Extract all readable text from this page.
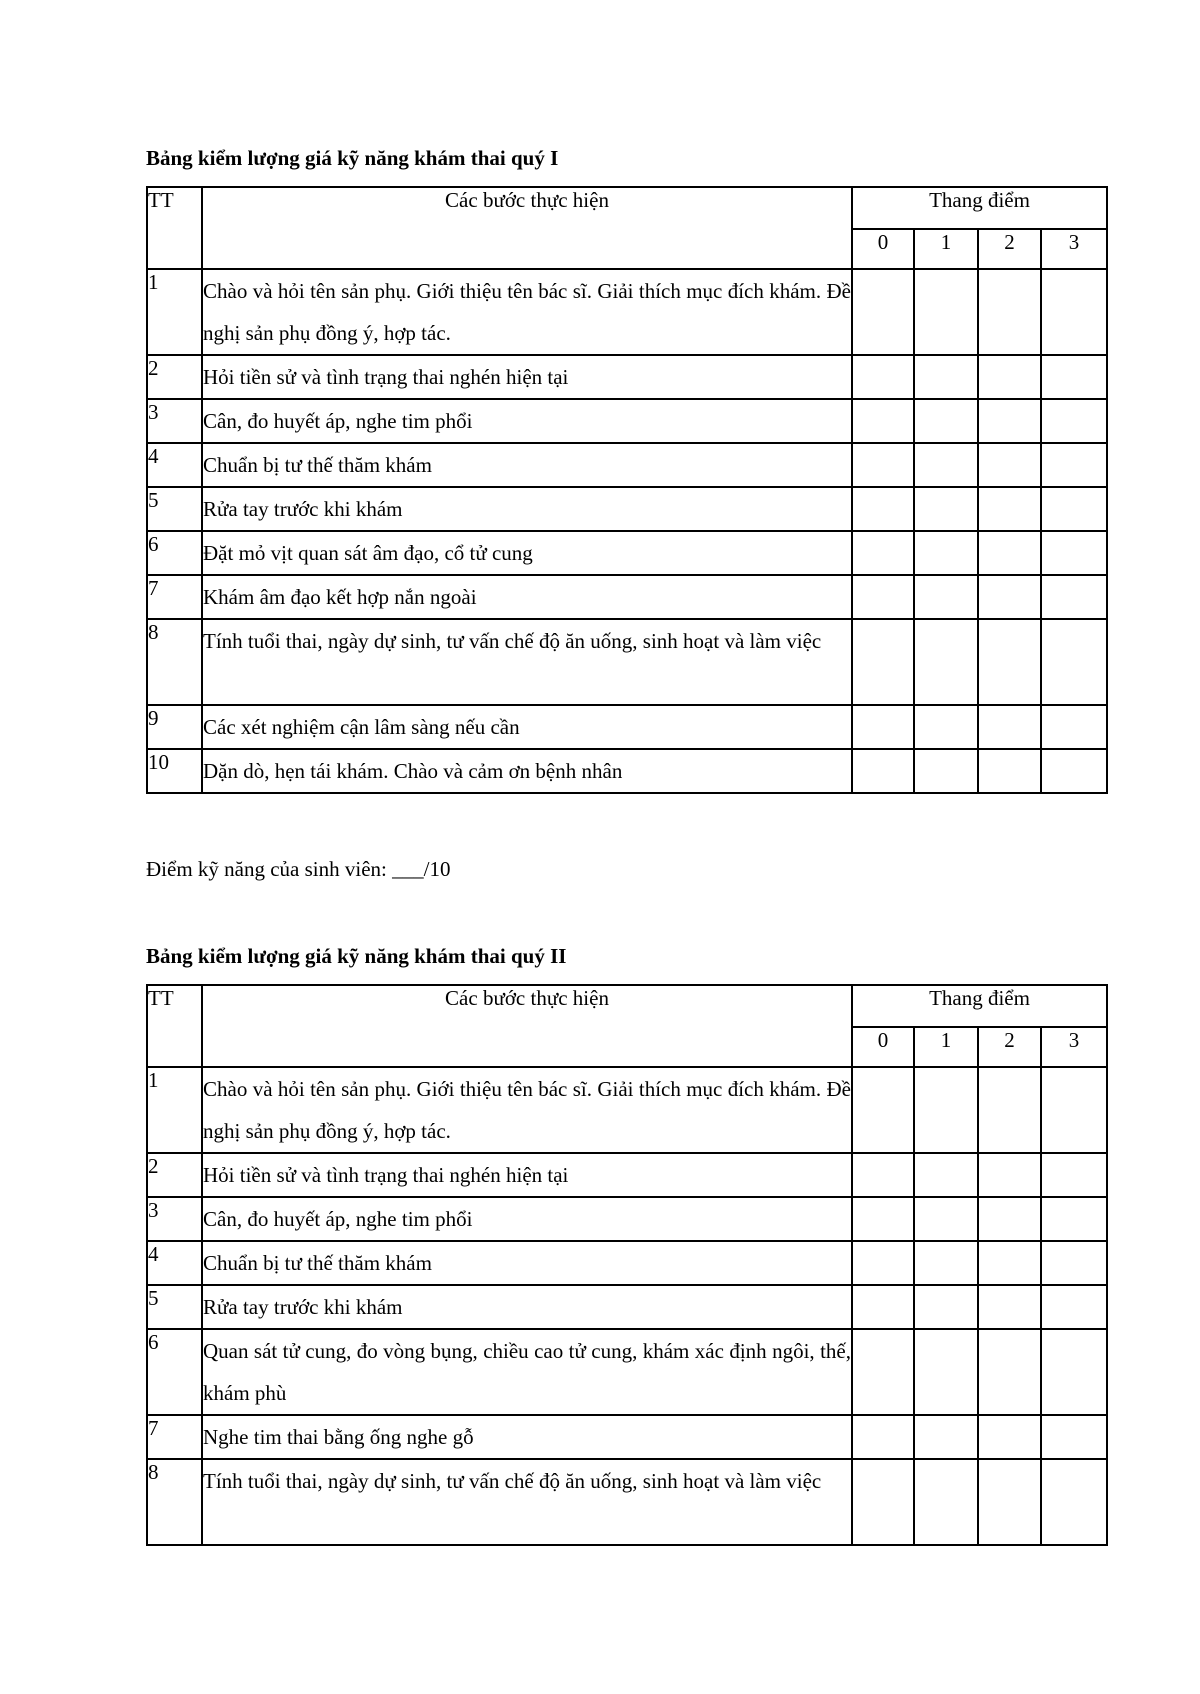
Bảng kiểm lượng giá kỹ năng khám thai quý I
TT	Các bước thực hiện	Thang điểm			
		0	1	2	3
1	Chào và hỏi tên sản phụ. Giới thiệu tên bác sĩ. Giải thích mục đích khám. Đề nghị sản phụ đồng ý, hợp tác.				
2	Hỏi tiền sử và tình trạng thai nghén hiện tại				
3	Cân, đo huyết áp, nghe tim phổi				
4	Chuẩn bị tư thế thăm khám				
5	Rửa tay trước khi khám				
6	Đặt mỏ vịt quan sát âm đạo, cổ tử cung				
7	Khám âm đạo kết hợp nắn ngoài				
8	Tính tuổi thai, ngày dự sinh, tư vấn chế độ ăn uống, sinh hoạt và làm việc				
9	Các xét nghiệm cận lâm sàng nếu cần				
10	Dặn dò, hẹn tái khám. Chào và cảm ơn bệnh nhân				

Điểm kỹ năng của sinh viên: ___/10

Bảng kiểm lượng giá kỹ năng khám thai quý II
TT	Các bước thực hiện	Thang điểm			
		0	1	2	3
1	Chào và hỏi tên sản phụ. Giới thiệu tên bác sĩ. Giải thích mục đích khám. Đề nghị sản phụ đồng ý, hợp tác.				
2	Hỏi tiền sử và tình trạng thai nghén hiện tại				
3	Cân, đo huyết áp, nghe tim phổi				
4	Chuẩn bị tư thế thăm khám				
5	Rửa tay trước khi khám				
6	Quan sát tử cung, đo vòng bụng, chiều cao tử cung, khám xác định ngôi, thế, khám phù				
7	Nghe tim thai bằng ống nghe gỗ				
8	Tính tuổi thai, ngày dự sinh, tư vấn chế độ ăn uống, sinh hoạt và làm việc				
